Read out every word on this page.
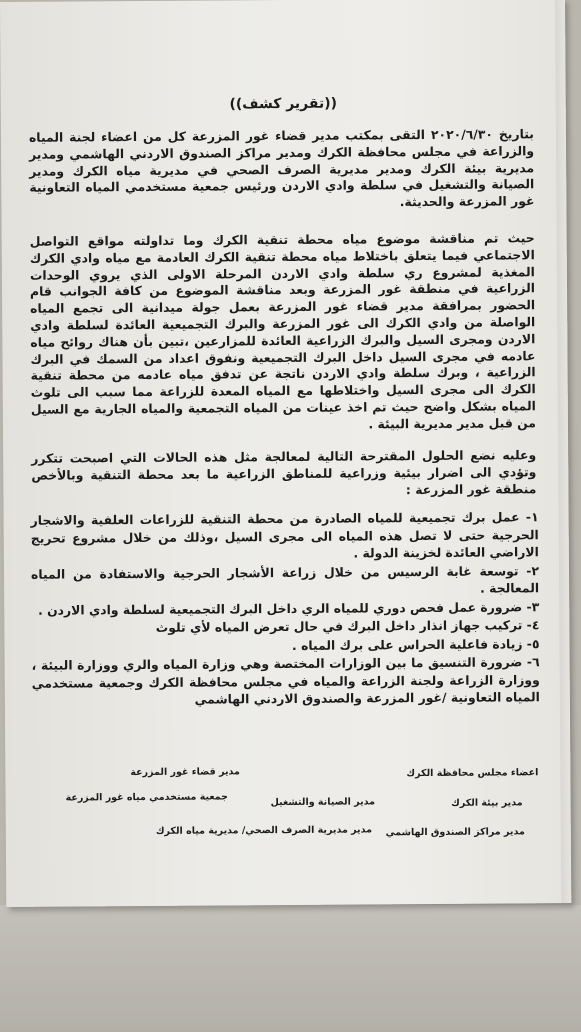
((تقرير كشف))

بتاريخ ٢٠٢٠/٦/٣٠ التقى بمكتب مدير قضاء غور المزرعة كل من اعضاء لجنة المياه والزراعة في مجلس محافظة الكرك ومدير مراكز الصندوق الاردني الهاشمي ومدير مديرية بيئة الكرك ومدير مديرية الصرف الصحي في مديرية مياه الكرك ومدير الصيانة والتشغيل في سلطة وادي الاردن ورئيس جمعية مستخدمي المياه التعاونية غور المزرعة والحديثة.

حيث تم مناقشة موضوع مياه محطة تنقية الكرك وما تداولته مواقع التواصل الاجتماعي فيما يتعلق باختلاط مياه محطة تنقية الكرك العادمة مع مياه وادي الكرك المغذية لمشروع ري سلطة وادي الاردن المرحلة الاولى الذي يروي الوحدات الزراعية في منطقة غور المزرعة وبعد مناقشة الموضوع من كافة الجوانب قام الحضور بمرافقة مدير قضاء غور المزرعة بعمل جولة ميدانية الى تجمع المياه الواصلة من وادي الكرك الى غور المزرعة والبرك التجميعية العائدة لسلطة وادي الاردن ومجرى السيل والبرك الزراعية العائدة للمزارعين ،تبين بأن هناك روائح مياه عادمه في مجرى السيل داخل البرك التجميعية ونفوق اعداد من السمك في البرك الزراعية ، وبرك سلطة وادي الاردن ناتجة عن تدفق مياه عادمه من محطة تنقية الكرك الى مجرى السيل واختلاطها مع المياه المعدة للزراعة مما سبب الى تلوث المياه بشكل واضح حيث تم اخذ عينات من المياه التجمعية والمياه الجارية مع السيل من قبل مدير مديرية البيئة .

وعليه نضع الحلول المقترحة التالية لمعالجة مثل هذه الحالات التي اصبحت تتكرر وتؤدي الى اضرار بيئية وزراعية للمناطق الزراعية ما بعد محطة التنقية وبالأخص منطقة غور المزرعة :

١- عمل برك تجميعية للمياه الصادرة من محطة التنقية للزراعات العلفية والاشجار الحرجية حتى لا تصل هذه المياه الى مجرى السيل ،وذلك من خلال مشروع تحريج الاراضي العائدة لخزينة الدولة .
٢- توسعة غابة الرسيس من خلال زراعة الأشجار الحرجية والاستفادة من المياه المعالجة .
٣- ضرورة عمل فحص دوري للمياه الري داخل البرك التجميعية لسلطة وادي الاردن .
٤- تركيب جهاز انذار داخل البرك في حال تعرض المياه لأي تلوث
٥- زيادة فاعلية الحراس على برك المياه .
٦- ضرورة التنسيق ما بين الوزارات المختصة وهي وزارة المياه والري ووزارة البيئة ، ووزارة الزراعة ولجنة الزراعة والمياه في مجلس محافظة الكرك وجمعية مستخدمي المياه التعاونية /غور المزرعة والصندوق الاردني الهاشمي
اعضاء مجلس محافظة الكرك
مدير بيئة الكرك
مدير مراكز الصندوق الهاشمي
مدير قضاء غور المزرعة
مدير الصيانة والتشغيل
جمعية مستخدمي مياه غور المزرعة
مدير مديرية الصرف الصحي/ مديرية مياه الكرك
